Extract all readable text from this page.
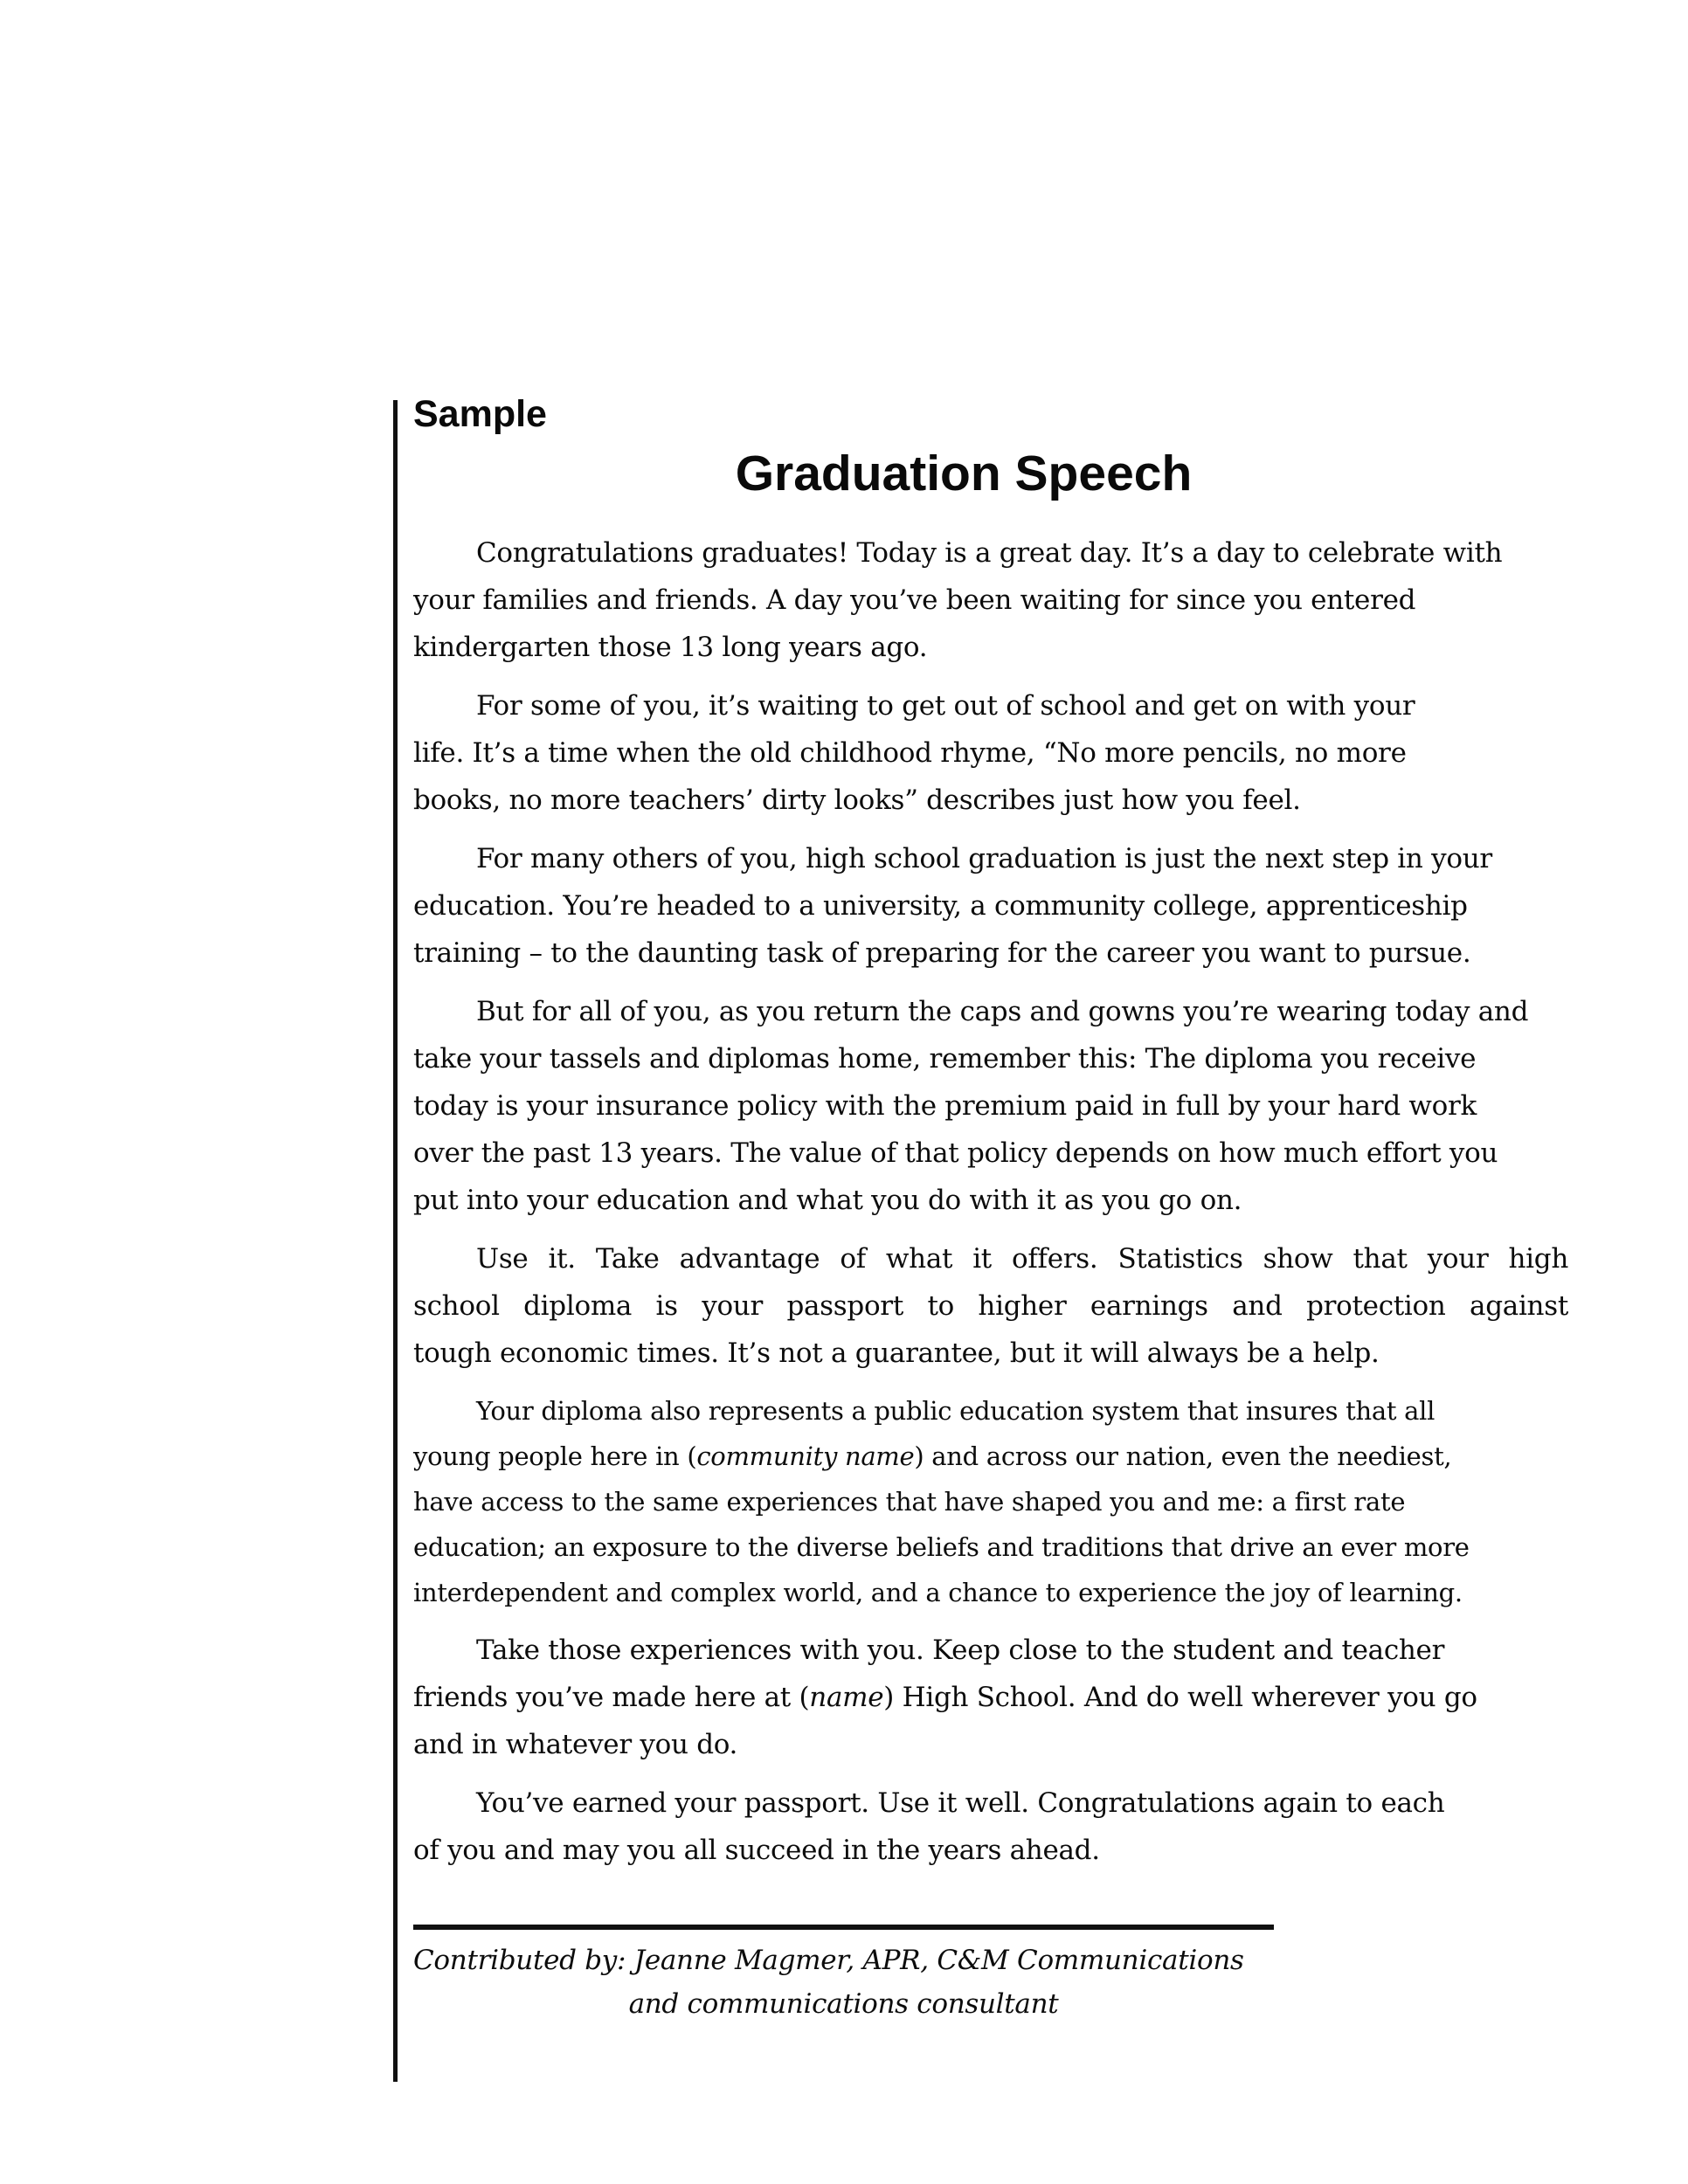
Sample
Graduation Speech

Congratulations graduates! Today is a great day. It’s a day to celebrate with
your families and friends. A day you’ve been waiting for since you entered
kindergarten those 13 long years ago.

For some of you, it’s waiting to get out of school and get on with your
life. It’s a time when the old childhood rhyme, “No more pencils, no more
books, no more teachers’ dirty looks” describes just how you feel.

For many others of you, high school graduation is just the next step in your
education. You’re headed to a university, a community college, apprenticeship
training – to the daunting task of preparing for the career you want to pursue.

But for all of you, as you return the caps and gowns you’re wearing today and
take your tassels and diplomas home, remember this: The diploma you receive
today is your insurance policy with the premium paid in full by your hard work
over the past 13 years. The value of that policy depends on how much effort you
put into your education and what you do with it as you go on.

Use it. Take advantage of what it offers. Statistics show that your high
school diploma is your passport to higher earnings and protection against
tough economic times. It’s not a guarantee, but it will always be a help.

Your diploma also represents a public education system that insures that all
young people here in (community name) and across our nation, even the neediest,
have access to the same experiences that have shaped you and me: a first rate
education; an exposure to the diverse beliefs and traditions that drive an ever more
interdependent and complex world, and a chance to experience the joy of learning.

Take those experiences with you. Keep close to the student and teacher
friends you’ve made here at (name) High School. And do well wherever you go
and in whatever you do.

You’ve earned your passport. Use it well. Congratulations again to each
of you and may you all succeed in the years ahead.

Contributed by: Jeanne Magmer, APR, C&M Communications
and communications consultant
